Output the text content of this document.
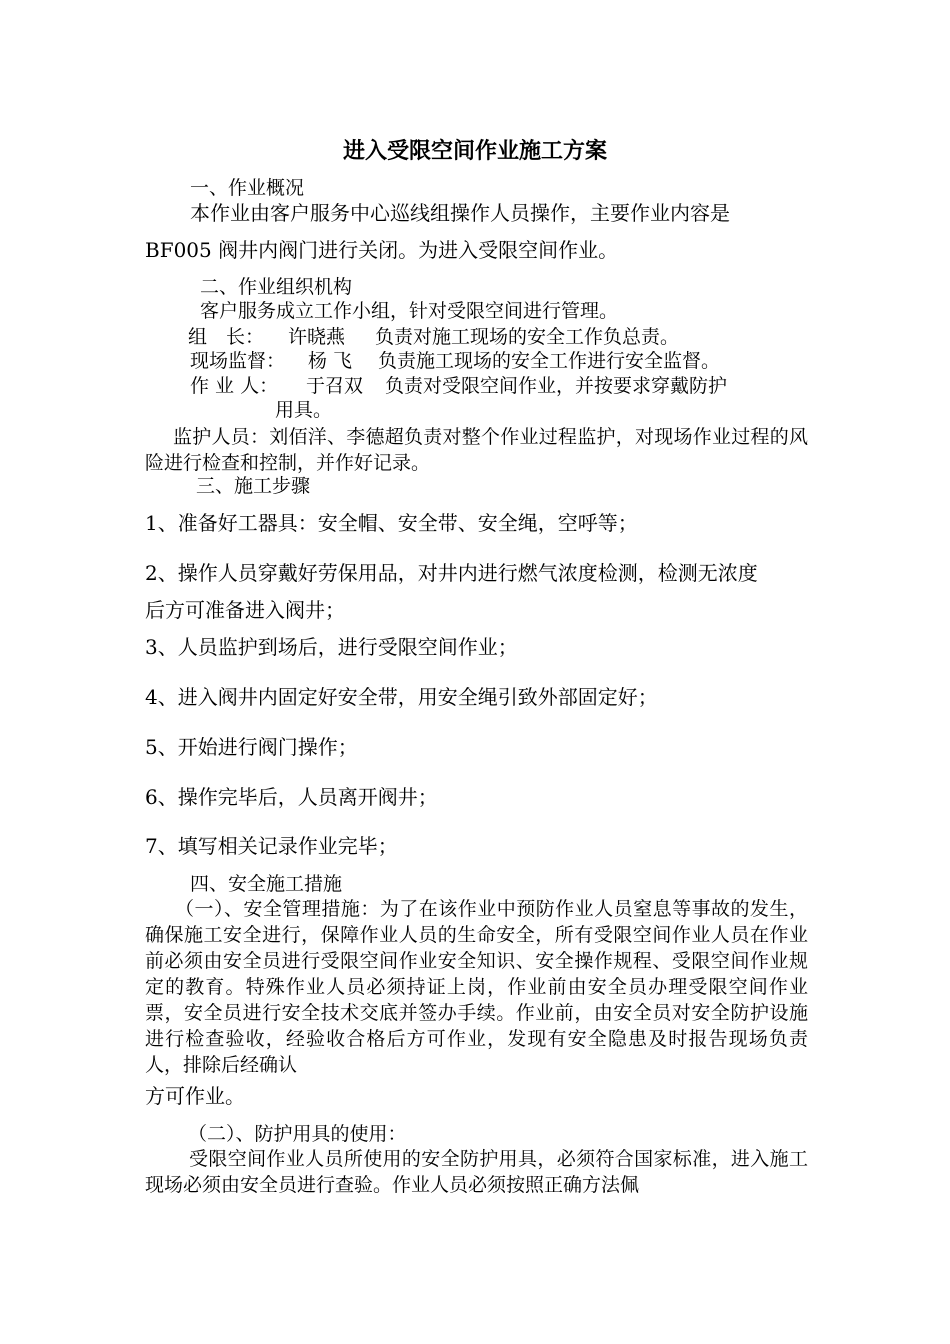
进入受限空间作业施工方案
一、作业概况
本作业由客户服务中心巡线组操作人员操作，主要作业内容是
BF005 阀井内阀门进行关闭。为进入受限空间作业。
二、作业组织机构
客户服务成立工作小组，针对受限空间进行管理。
组　长： 许晓燕 负责对施工现场的安全工作负总责。
现场监督： 杨 飞 负责施工现场的安全工作进行安全监督。
作 业 人： 于召双 负责对受限空间作业，并按要求穿戴防护
用具。
监护人员：刘佰洋、李德超负责对整个作业过程监护，对现场作业过程的风险进行检查和控制，并作好记录。
三、施工步骤
1、准备好工器具：安全帽、安全带、安全绳，空呼等；
2、操作人员穿戴好劳保用品，对井内进行燃气浓度检测，检测无浓度
后方可准备进入阀井；
3、人员监护到场后，进行受限空间作业；
4、进入阀井内固定好安全带，用安全绳引致外部固定好；
5、开始进行阀门操作；
6、操作完毕后，人员离开阀井；
7、填写相关记录作业完毕；
四、安全施工措施
（一）、安全管理措施：为了在该作业中预防作业人员窒息等事故的发生，确保施工安全进行，保障作业人员的生命安全，所有受限空间作业人员在作业前必须由安全员进行受限空间作业安全知识、安全操作规程、受限空间作业规定的教育。特殊作业人员必须持证上岗，作业前由安全员办理受限空间作业票，安全员进行安全技术交底并签办手续。作业前，由安全员对安全防护设施进行检查验收，经验收合格后方可作业，发现有安全隐患及时报告现场负责人，排除后经确认
方可作业。
（二）、防护用具的使用：
受限空间作业人员所使用的安全防护用具，必须符合国家标准，进入施工现场必须由安全员进行查验。作业人员必须按照正确方法佩
